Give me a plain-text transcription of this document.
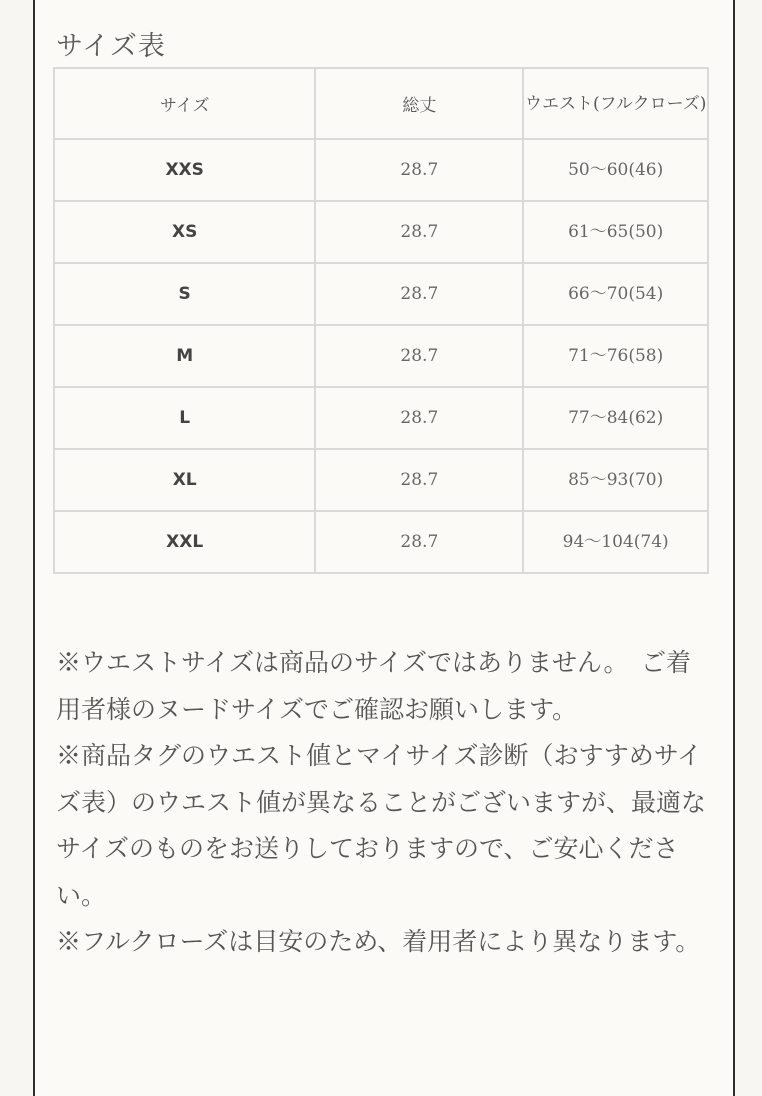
サイズ表
サイズ	総丈	ウエスト(フルクローズ)
XXS	28.7	50〜60(46)
XS	28.7	61〜65(50)
S	28.7	66〜70(54)
M	28.7	71〜76(58)
L	28.7	77〜84(62)
XL	28.7	85〜93(70)
XXL	28.7	94〜104(74)

※ウエストサイズは商品のサイズではありません。　ご着用者様のヌードサイズでご確認お願いします。

※商品タグのウエスト値とマイサイズ診断（おすすめサイズ表）のウエスト値が異なることがございますが、最適なサイズのものをお送りしておりますので、ご安心ください。

※フルクローズは目安のため、着用者により異なります。
